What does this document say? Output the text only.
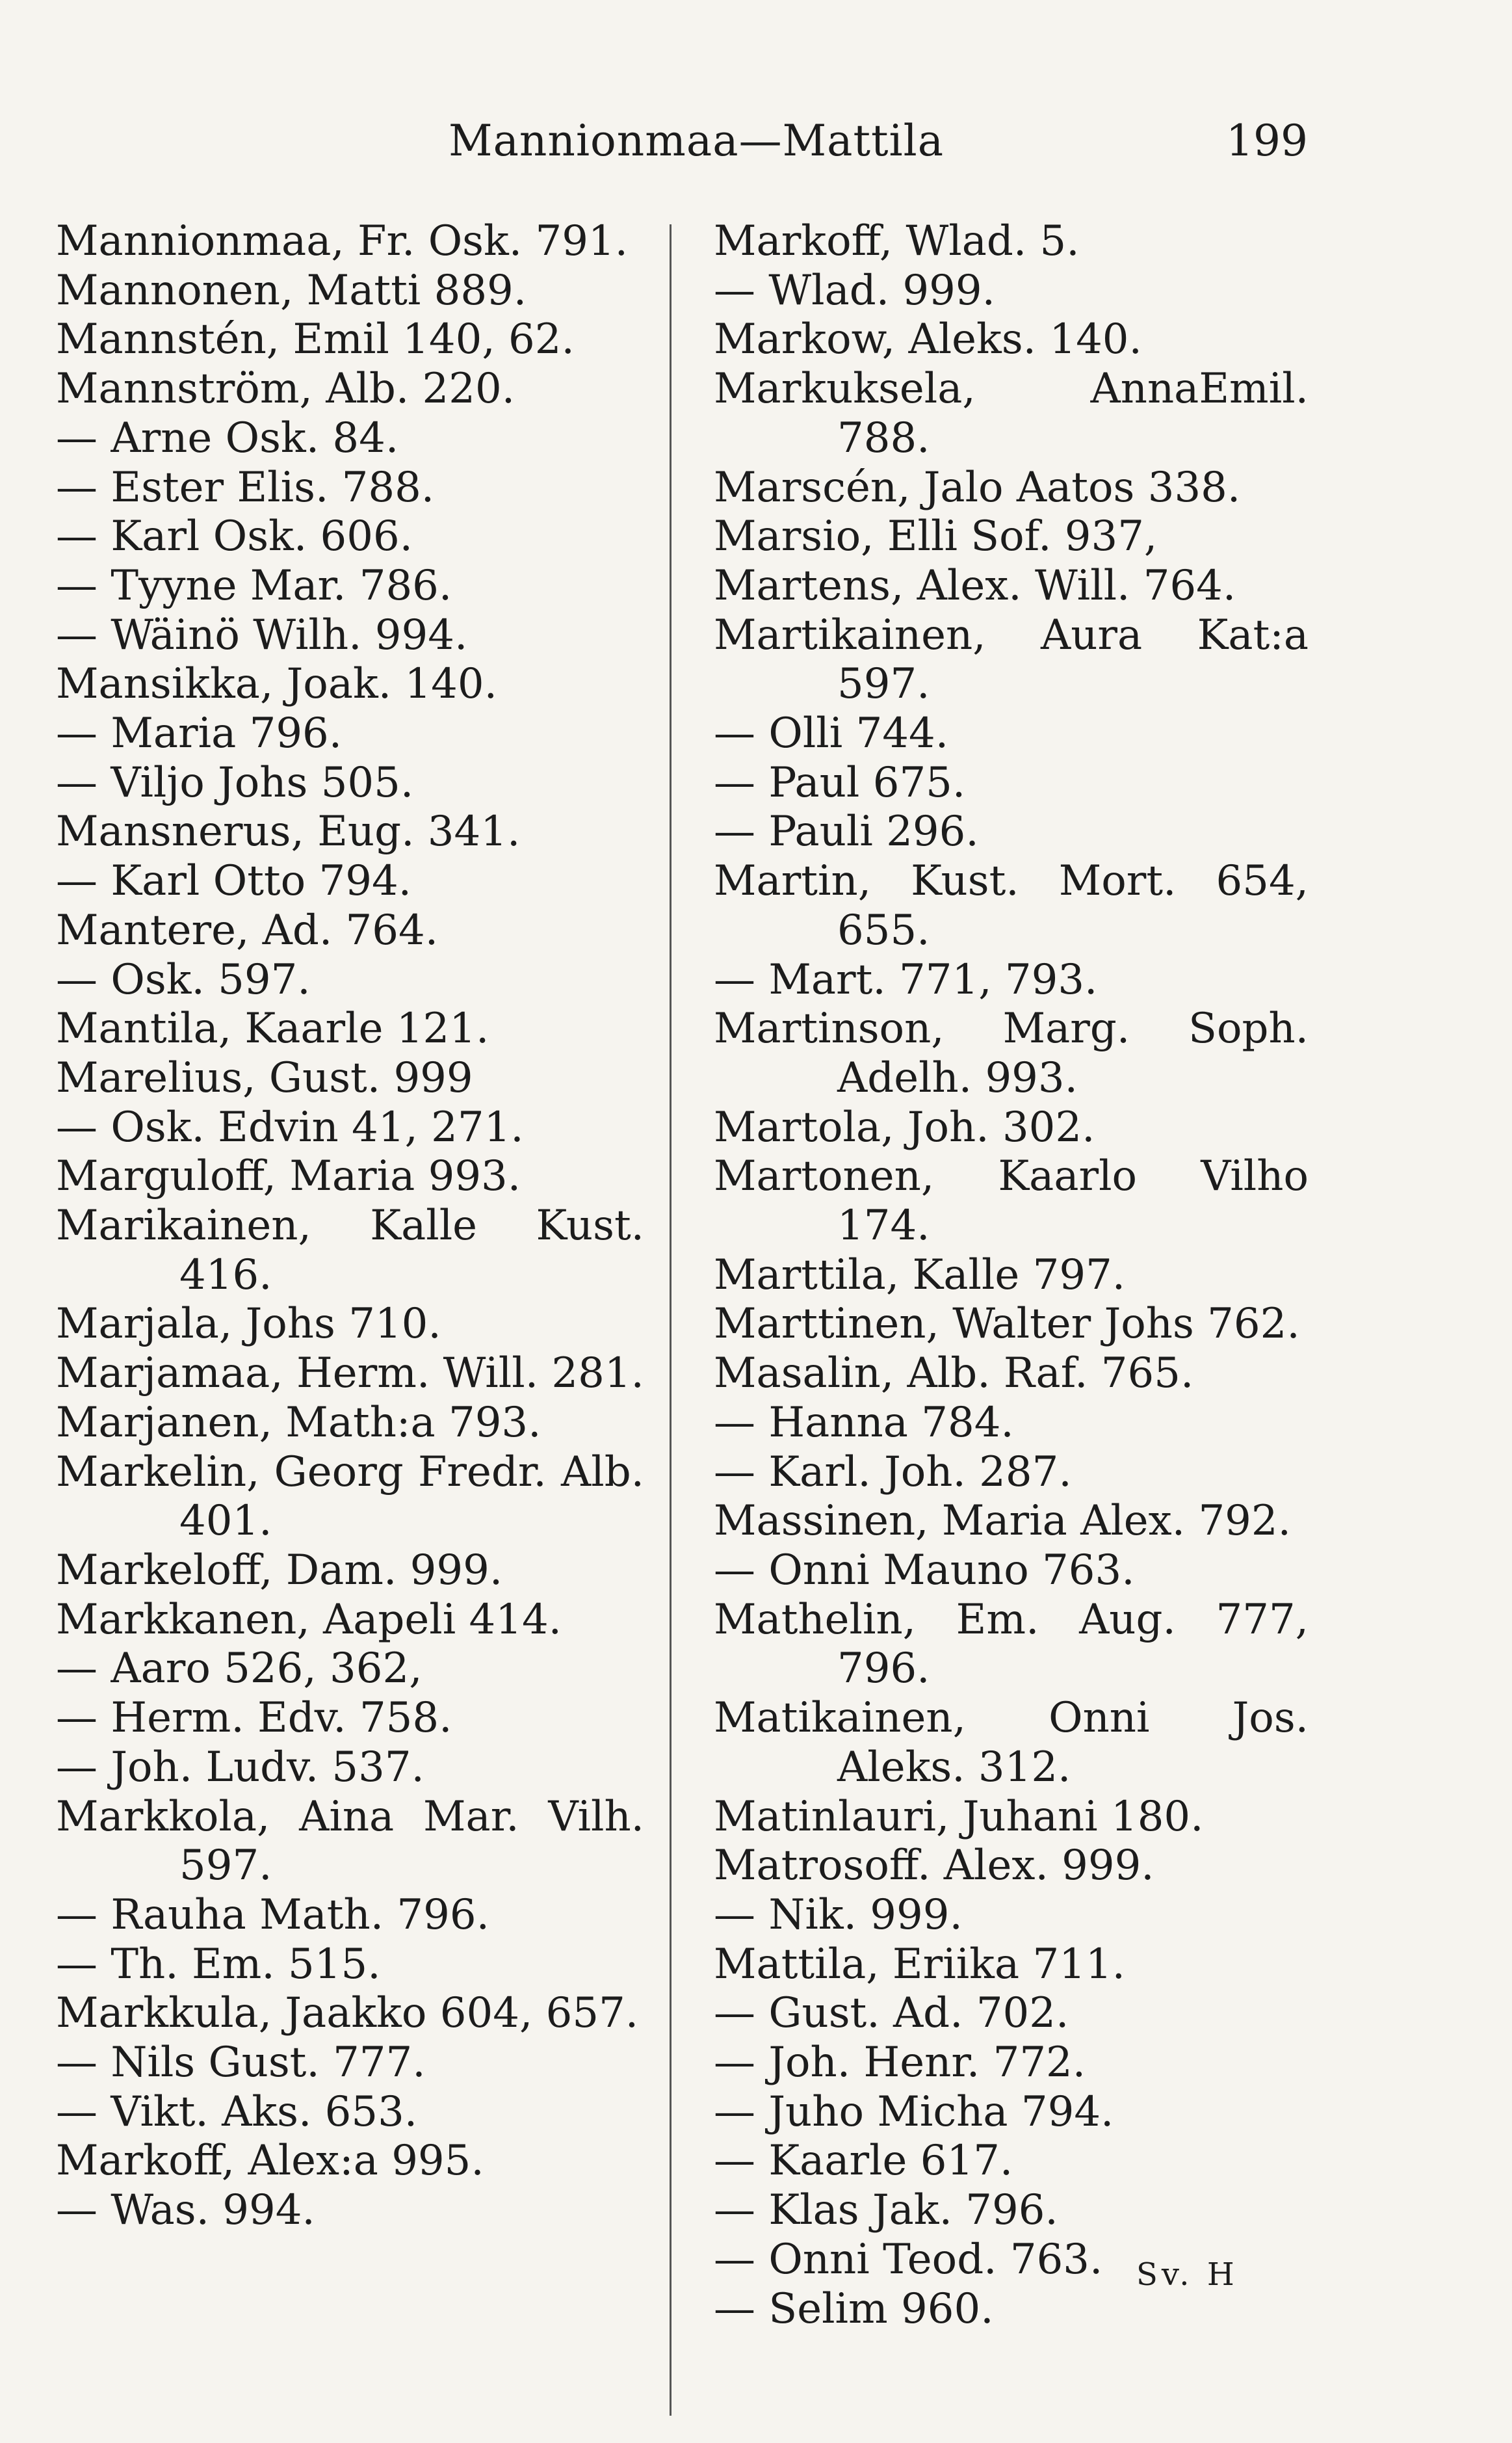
Mannionmaa—Mattila	199
Mannionmaa, Fr. Osk. 791.
Mannonen, Matti 889.
Mannstén, Emil 140, 62.
Mannström, Alb. 220.
— Arne Osk. 84.
— Ester Elis. 788.
— Karl Osk. 606.
— Tyyne Mar. 786.
— Wäinö Wilh. 994.
Mansikka, Joak. 140.
— Maria 796.
— Viljo Johs 505.
Mansnerus, Eug. 341.
— Karl Otto 794.
Mantere, Ad. 764.
— Osk. 597.
Mantila, Kaarle 121.
Marelius, Gust. 999
— Osk. Edvin 41, 271.
Marguloff, Maria 993.
Marikainen, Kalle Kust. 416.
Marjala, Johs 710.
Marjamaa, Herm. Will. 281.
Marjanen, Math:a 793.
Markelin, Georg Fredr. Alb. 401.
Markeloff, Dam. 999.
Markkanen, Aapeli 414.
— Aaro 526, 362,
— Herm. Edv. 758.
— Joh. Ludv. 537.
Markkola, Aina Mar. Vilh. 597.
— Rauha Math. 796.
— Th. Em. 515.
Markkula, Jaakko 604, 657.
— Nils Gust. 777.
— Vikt. Aks. 653.
Markoff, Alex:a 995.
— Was. 994.
Markoff, Wlad. 5.
— Wlad. 999.
Markow, Aleks. 140.
Markuksela, AnnaEmil. 788.
Marscén, Jalo Aatos 338.
Marsio, Elli Sof. 937,
Martens, Alex. Will. 764.
Martikainen, Aura Kat:a 597.
— Olli 744.
— Paul 675.
— Pauli 296.
Martin, Kust. Mort. 654, 655.
— Mart. 771, 793.
Martinson, Marg. Soph. Adelh. 993.
Martola, Joh. 302.
Martonen, Kaarlo Vilho 174.
Marttila, Kalle 797.
Marttinen, Walter Johs 762.
Masalin, Alb. Raf. 765.
— Hanna 784.
— Karl. Joh. 287.
Massinen, Maria Alex. 792.
— Onni Mauno 763.
Mathelin, Em. Aug. 777, 796.
Matikainen, Onni Jos. Aleks. 312.
Matinlauri, Juhani 180.
Matrosoff. Alex. 999.
— Nik. 999.
Mattila, Eriika 711.
— Gust. Ad. 702.
— Joh. Henr. 772.
— Juho Micha 794.
— Kaarle 617.
— Klas Jak. 796.
— Onni Teod. 763.
— Selim 960.
Sv. H
